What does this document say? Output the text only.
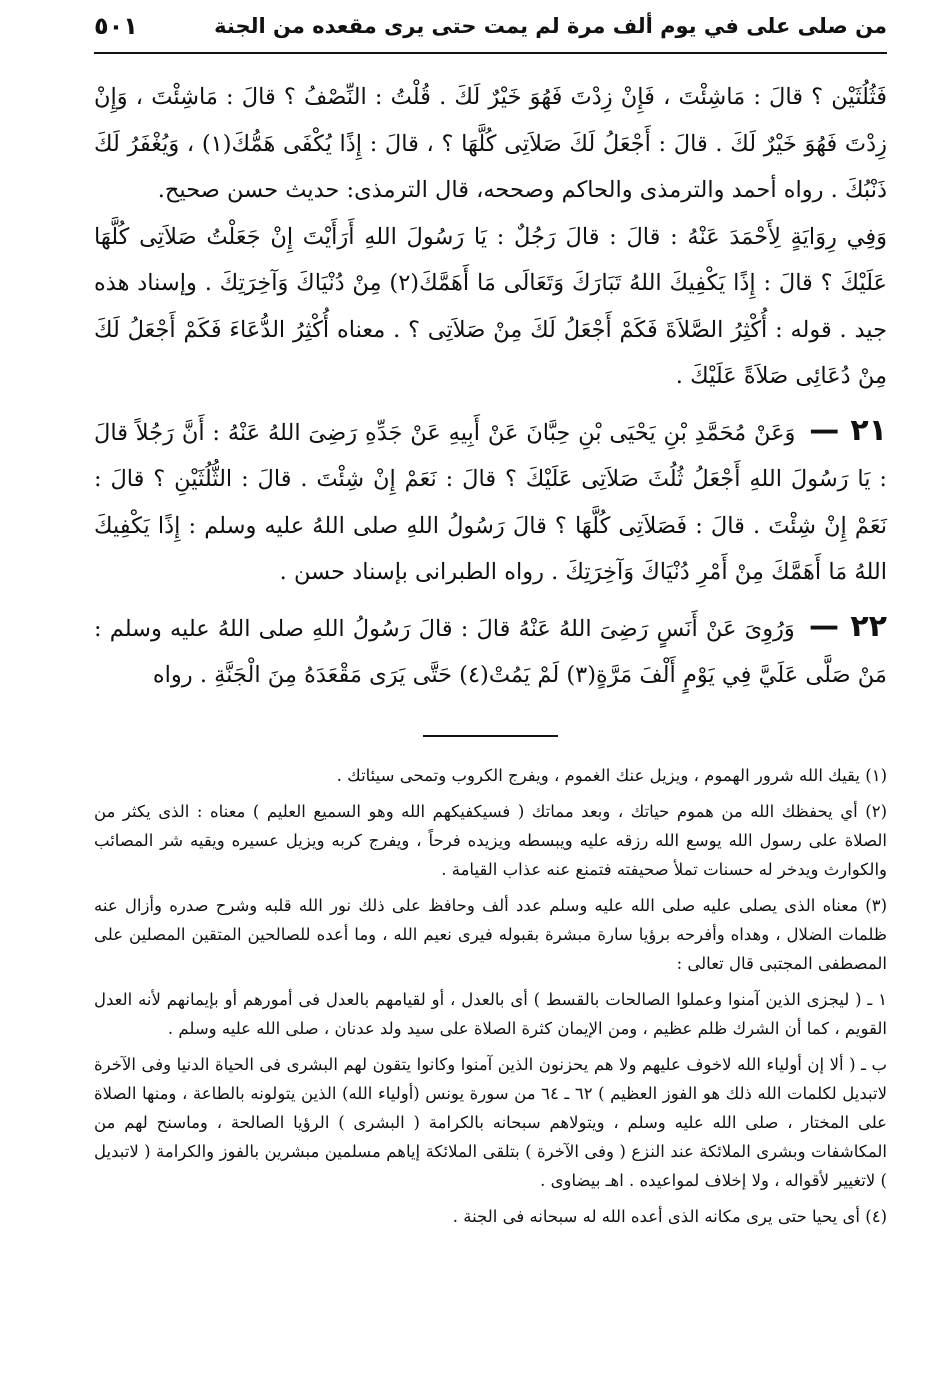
من صلى على في يوم ألف مرة لم يمت حتى يرى مقعده من الجنة
٥٠١

فَثُلُثَيْن ؟ قالَ : مَاشِئْتَ ، فَإِنْ زِدْتَ فَهُوَ خَيْرٌ لَكَ . قُلْتُ : النِّصْفُ ؟ قالَ : مَاشِئْتَ ، وَإِنْ زِدْتَ فَهُوَ خَيْرٌ لَكَ . قالَ : أَجْعَلُ لَكَ صَلاَتِى كُلَّهَا ؟ ، قالَ : إِذًا يُكْفَى هَمُّكَ(١) ، وَيُغْفَرُ لَكَ ذَنْبُكَ . رواه أحمد والترمذى والحاكم وصححه، قال الترمذى: حديث حسن صحيح.

وَفِي رِوَايَةٍ لِأَحْمَدَ عَنْهُ : قالَ : قالَ رَجُلٌ : يَا رَسُولَ اللهِ أَرَأَيْتَ إِنْ جَعَلْتُ صَلاَتِى كُلَّهَا عَلَيْكَ ؟ قالَ : إِذًا يَكْفِيكَ اللهُ تَبَارَكَ وَتَعَالَى مَا أَهَمَّكَ(٢) مِنْ دُنْيَاكَ وَآخِرَتِكَ . وإسناد هذه جيد . قوله : أُكْثِرُ الصَّلاَةَ فَكَمْ أَجْعَلُ لَكَ مِنْ صَلاَتِى ؟ . معناه أُكْثِرُ الدُّعَاءَ فَكَمْ أَجْعَلُ لَكَ مِنْ دُعَائِى صَلاَةً عَلَيْكَ .

٢١ — وَعَنْ مُحَمَّدِ بْنِ يَحْيَى بْنِ حِبَّانَ عَنْ أَبِيهِ عَنْ جَدِّهِ رَضِىَ اللهُ عَنْهُ : أَنَّ رَجُلاً قالَ : يَا رَسُولَ اللهِ أَجْعَلُ ثُلُثَ صَلاَتِى عَلَيْكَ ؟ قالَ : نَعَمْ إِنْ شِئْتَ . قالَ : الثُّلُثَيْنِ ؟ قالَ : نَعَمْ إِنْ شِئْتَ . قالَ : فَصَلاَتِى كُلَّهَا ؟ قالَ رَسُولُ اللهِ صلى اللهُ عليه وسلم : إِذًا يَكْفِيكَ اللهُ مَا أَهَمَّكَ مِنْ أَمْرِ دُنْيَاكَ وَآخِرَتِكَ . رواه الطبرانى بإسناد حسن .

٢٢ — وَرُوِىَ عَنْ أَنَسٍ رَضِىَ اللهُ عَنْهُ قالَ : قالَ رَسُولُ اللهِ صلى اللهُ عليه وسلم : مَنْ صَلَّى عَلَيَّ فِي يَوْمٍ أَلْفَ مَرَّةٍ(٣) لَمْ يَمُتْ(٤) حَتَّى يَرَى مَقْعَدَهُ مِنَ الْجَنَّةِ . رواه

(١) يقيك الله شرور الهموم ، ويزيل عنك الغموم ، ويفرج الكروب وتمحى سيئاتك .

(٢) أي يحفظك الله من هموم حياتك ، وبعد مماتك ( فسيكفيكهم الله وهو السميع العليم ) معناه : الذى يكثر من الصلاة على رسول الله يوسع الله رزقه عليه ويبسطه ويزيده فرحاً ، ويفرج كربه ويزيل عسيره ويقيه شر المصائب والكوارث ويدخر له حسنات تملأ صحيفته فتمنع عنه عذاب القيامة .

(٣) معناه الذى يصلى عليه صلى الله عليه وسلم عدد ألف وحافظ على ذلك نور الله قلبه وشرح صدره وأزال عنه ظلمات الضلال ، وهداه وأفرحه برؤيا سارة مبشرة بقبوله فيرى نعيم الله ، وما أعده للصالحين المتقين المصلين على المصطفى المجتبى قال تعالى :

١ ـ ( ليجزى الذين آمنوا وعملوا الصالحات بالقسط ) أى بالعدل ، أو لقيامهم بالعدل فى أمورهم أو بإيمانهم لأنه العدل القويم ، كما أن الشرك ظلم عظيم ، ومن الإيمان كثرة الصلاة على سيد ولد عدنان ، صلى الله عليه وسلم .

ب ـ ( ألا إن أولياء الله لاخوف عليهم ولا هم يحزنون الذين آمنوا وكانوا يتقون لهم البشرى فى الحياة الدنيا وفى الآخرة لاتبديل لكلمات الله ذلك هو الفوز العظيم ) ٦٢ ـ ٦٤ من سورة يونس (أولياء الله) الذين يتولونه بالطاعة ، ومنها الصلاة على المختار ، صلى الله عليه وسلم ، ويتولاهم سبحانه بالكرامة ( البشرى ) الرؤيا الصالحة ، وماسنح لهم من المكاشفات وبشرى الملائكة عند النزع ( وفى الآخرة ) بتلقى الملائكة إياهم مسلمين مبشرين بالفوز والكرامة ( لاتبديل ) لاتغيير لأقواله ، ولا إخلاف لمواعيده . اهـ بيضاوى .

(٤) أى يحيا حتى يرى مكانه الذى أعده الله له سبحانه فى الجنة .
